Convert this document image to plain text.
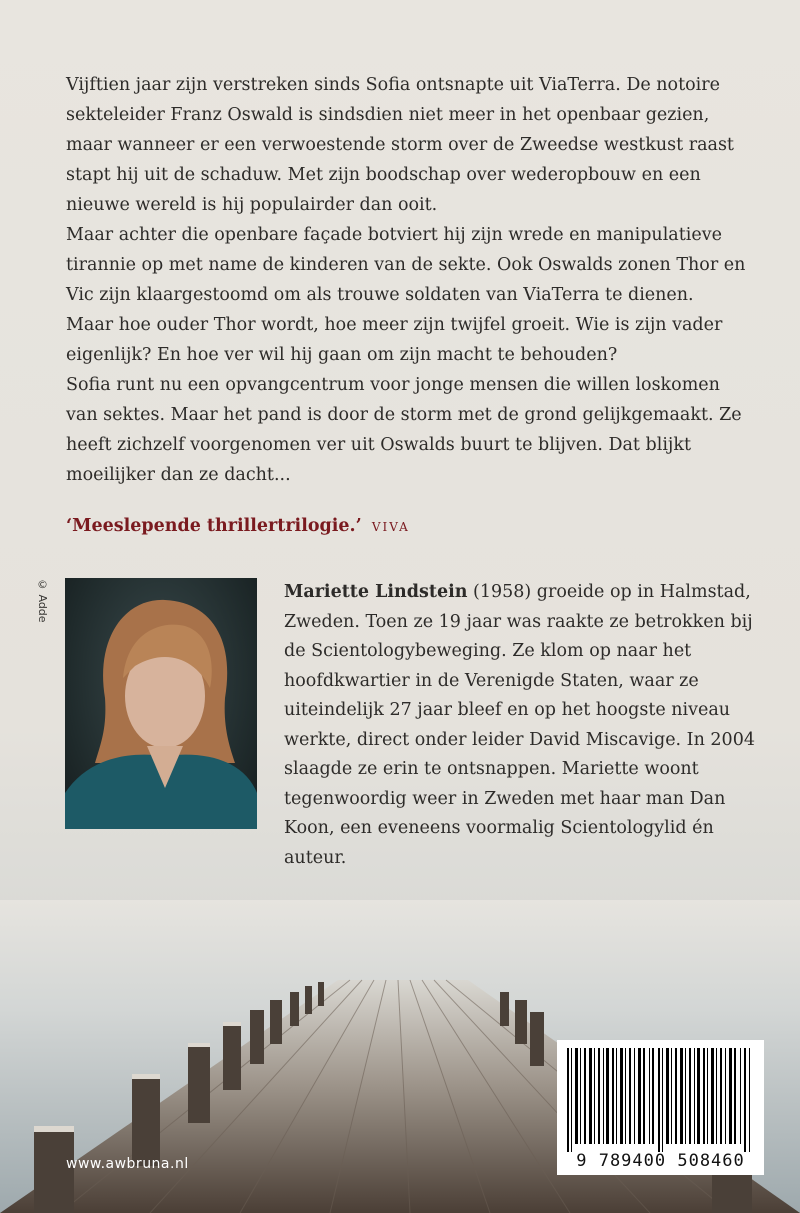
Vijftien jaar zijn verstreken sinds Sofia ontsnapte uit ViaTerra. De notoire sekteleider Franz Oswald is sindsdien niet meer in het openbaar gezien, maar wanneer er een verwoestende storm over de Zweedse westkust raast stapt hij uit de schaduw. Met zijn boodschap over wederopbouw en een nieuwe wereld is hij populairder dan ooit.

Maar achter die openbare façade botviert hij zijn wrede en manipulatieve tirannie op met name de kinderen van de sekte. Ook Oswalds zonen Thor en Vic zijn klaargestoomd om als trouwe soldaten van ViaTerra te dienen. Maar hoe ouder Thor wordt, hoe meer zijn twijfel groeit. Wie is zijn vader eigenlijk? En hoe ver wil hij gaan om zijn macht te behouden?

Sofia runt nu een opvangcentrum voor jonge mensen die willen loskomen van sektes. Maar het pand is door de storm met de grond gelijkgemaakt. Ze heeft zichzelf voorgenomen ver uit Oswalds buurt te blijven. Dat blijkt moeilijker dan ze dacht...

‘Meeslepende thrillertrilogie.’ VIVA
© Adde	Mariette Lindstein (1958) groeide op in Halmstad, Zweden. Toen ze 19 jaar was raakte ze betrokken bij de Scientologybeweging. Ze klom op naar het hoofdkwartier in de Verenigde Staten, waar ze uiteindelijk 27 jaar bleef en op het hoogste niveau werkte, direct onder leider David Miscavige. In 2004 slaagde ze erin te ontsnappen. Mariette woont tegenwoordig weer in Zweden met haar man Dan Koon, een eveneens voormalig Scientologylid én auteur.

9 789400 508460
www.awbruna.nl
